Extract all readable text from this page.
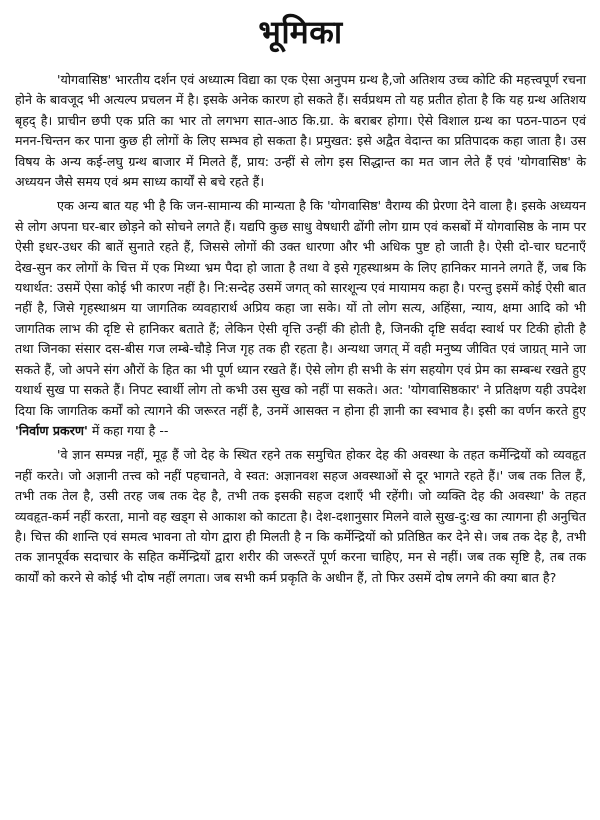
भूमिका

'योगवासिष्ठ' भारतीय दर्शन एवं अध्यात्म विद्या का एक ऐसा अनुपम ग्रन्थ है,जो अतिशय उच्च कोटि की महत्त्वपूर्ण रचना होने के बावजूद भी अत्यल्प प्रचलन में है। इसके अनेक कारण हो सकते हैं। सर्वप्रथम तो यह प्रतीत होता है कि यह ग्रन्थ अतिशय बृहद् है। प्राचीन छपी एक प्रति का भार तो लगभग सात-आठ कि.ग्रा. के बराबर होगा। ऐसे विशाल ग्रन्थ का पठन-पाठन एवं मनन-चिन्तन कर पाना कुछ ही लोगों के लिए सम्भव हो सकता है। प्रमुखत: इसे अद्वैत वेदान्त का प्रतिपादक कहा जाता है। उस विषय के अन्य कई-लघु ग्रन्थ बाजार में मिलते हैं, प्राय: उन्हीं से लोग इस सिद्धान्त का मत जान लेते हैं एवं 'योगवासिष्ठ' के अध्ययन जैसे समय एवं श्रम साध्य कार्यों से बचे रहते हैं।

एक अन्य बात यह भी है कि जन-सामान्य की मान्यता है कि 'योगवासिष्ठ' वैराग्य की प्रेरणा देने वाला है। इसके अध्ययन से लोग अपना घर-बार छोड़ने को सोचने लगते हैं। यद्यपि कुछ साधु वेषधारी ढोंगी लोग ग्राम एवं कसबों में योगवासिष्ठ के नाम पर ऐसी इधर-उधर की बातें सुनाते रहते हैं, जिससे लोगों की उक्त धारणा और भी अधिक पुष्ट हो जाती है। ऐसी दो-चार घटनाएँ देख-सुन कर लोगों के चित्त में एक मिथ्या भ्रम पैदा हो जाता है तथा वे इसे गृहस्थाश्रम के लिए हानिकर मानने लगते हैं, जब कि यथार्थत: उसमें ऐसा कोई भी कारण नहीं है। नि:सन्देह उसमें जगत् को सारशून्य एवं मायामय कहा है। परन्तु इसमें कोई ऐसी बात नहीं है, जिसे गृहस्थाश्रम या जागतिक व्यवहारार्थ अप्रिय कहा जा सके। यों तो लोग सत्य, अहिंसा, न्याय, क्षमा आदि को भी जागतिक लाभ की दृष्टि से हानिकर बताते हैं; लेकिन ऐसी वृत्ति उन्हीं की होती है, जिनकी दृष्टि सर्वदा स्वार्थ पर टिकी होती है तथा जिनका संसार दस-बीस गज लम्बे-चौड़े निज गृह तक ही रहता है। अन्यथा जगत् में वही मनुष्य जीवित एवं जाग्रत् माने जा सकते हैं, जो अपने संग औरों के हित का भी पूर्ण ध्यान रखते हैं। ऐसे लोग ही सभी के संग सहयोग एवं प्रेम का सम्बन्ध रखते हुए यथार्थ सुख पा सकते हैं। निपट स्वार्थी लोग तो कभी उस सुख को नहीं पा सकते। अत: 'योगवासिष्ठकार' ने प्रतिक्षण यही उपदेश दिया कि जागतिक कर्मों को त्यागने की जरूरत नहीं है, उनमें आसक्त न होना ही ज्ञानी का स्वभाव है। इसी का वर्णन करते हुए 'निर्वाण प्रकरण' में कहा गया है --

'वे ज्ञान सम्पन्न नहीं, मूढ़ हैं जो देह के स्थित रहने तक समुचित होकर देह की अवस्था के तहत कर्मेन्द्रियों को व्यवहृत नहीं करते। जो अज्ञानी तत्त्व को नहीं पहचानते, वे स्वत: अज्ञानवश सहज अवस्थाओं से दूर भागते रहते हैं।' जब तक तिल हैं, तभी तक तेल है, उसी तरह जब तक देह है, तभी तक इसकी सहज दशाएँ भी रहेंगी। जो व्यक्ति देह की अवस्था' के तहत व्यवहृत-कर्म नहीं करता, मानो वह खड्ग से आकाश को काटता है। देश-दशानुसार मिलने वाले सुख-दु:ख का त्यागना ही अनुचित है। चित्त की शान्ति एवं समत्व भावना तो योग द्वारा ही मिलती है न कि कर्मेन्द्रियों को प्रतिष्ठित कर देने से। जब तक देह है, तभी तक ज्ञानपूर्वक सदाचार के सहित कर्मेन्द्रियों द्वारा शरीर की जरूरतें पूर्ण करना चाहिए, मन से नहीं। जब तक सृष्टि है, तब तक कार्यों को करने से कोई भी दोष नहीं लगता। जब सभी कर्म प्रकृति के अधीन हैं, तो फिर उसमें दोष लगने की क्या बात है?
